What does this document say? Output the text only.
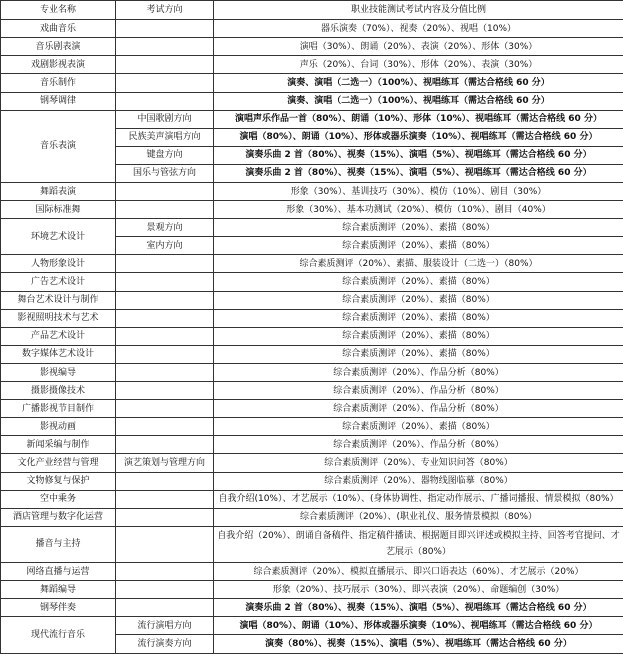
专业名称	考试方向	职业技能测试考试内容及分值比例
戏曲音乐		器乐演奏（70%）、视奏（20%）、视唱（10%）
音乐剧表演		演唱（30%）、朗诵（20%）、表演（20%）、形体（30%）
戏剧影视表演		声乐（20%）、台词（30%）、形体（20%）、表演（30%）
音乐制作		演奏、演唱（二选一）（100%）、视唱练耳（需达合格线 60 分）
钢琴调律		演奏、演唱（二选一）（100%）、视唱练耳（需达合格线 60 分）
音乐表演	中国歌剧方向	演唱声乐作品一首（80%）、朗诵（10%）、形体（10%）、视唱练耳（需达合格线 60 分）
	民族美声演唱方向	演唱（80%）、朗诵（10%）、形体或器乐演奏（10%）、视唱练耳（需达合格线 60 分）
	键盘方向	演奏乐曲 2 首（80%）、视奏（15%）、演唱（5%）、视唱练耳（需达合格线 60 分）
	国乐与管弦方向	演奏乐曲 2 首（80%）、视奏（15%）、演唱（5%）、视唱练耳（需达合格线 60 分）
舞蹈表演		形象（30%）、基训技巧（30%）、模仿（10%）、剧目（30%）
国际标准舞		形象（30%）、基本功测试（20%）、模仿（10%）、剧目（40%）
环境艺术设计	景观方向	综合素质测评（20%）、素描（80%）
	室内方向	综合素质测评（20%）、素描（80%）
人物形象设计		综合素质测评（20%）、素描、服装设计（二选一）（80%）
广告艺术设计		综合素质测评（20%）、素描（80%）
舞台艺术设计与制作		综合素质测评（20%）、素描（80%）
影视照明技术与艺术		综合素质测评（20%）、素描（80%）
产品艺术设计		综合素质测评（20%）、素描（80%）
数字媒体艺术设计		综合素质测评（20%）、素描（80%）
影视编导		综合素质测评（20%）、作品分析（80%）
摄影摄像技术		综合素质测评（20%）、作品分析（80%）
广播影视节目制作		综合素质测评（20%）、作品分析（80%）
影视动画		综合素质测评（20%）、素描（80%）
新闻采编与制作		综合素质测评（20%）、作品分析（80%）
文化产业经营与管理	演艺策划与管理方向	综合素质测评（20%）、专业知识问答（80%）
文物修复与保护		综合素质测评（20%）、器物线图临摹（80%）
空中乘务		自我介绍(10%）、才艺展示（10%）、(身体协调性、指定动作展示、广播词播报、情景模拟（80%）
酒店管理与数字化运营		综合素质测评（20%）、(职业礼仪、服务情景模拟（80%）
播音与主持		自我介绍（20%）、朗诵自备稿件、指定稿件播读、根据题目即兴评述或模拟主持、回答考官提问、才艺展示（80%）
网络直播与运营		综合素质测评（20%）、模拟直播展示、即兴口语表达（60%）、才艺展示（20%）
舞蹈编导		形象（20%）、技巧展示（30%）、即兴表演（20%）、命题编创（30%）
钢琴伴奏		演奏乐曲 2 首（80%）、视奏（15%）、演唱（5%）、视唱练耳（需达合格线 60 分）
现代流行音乐	流行演唱方向	演唱（80%）、朗诵（10%）、形体或器乐演奏（10%）、视唱练耳（需达合格线 60 分）
	流行演奏方向	演奏（80%）、视奏（15%）、演唱（5%）、视唱练耳（需达合格线 60 分）
